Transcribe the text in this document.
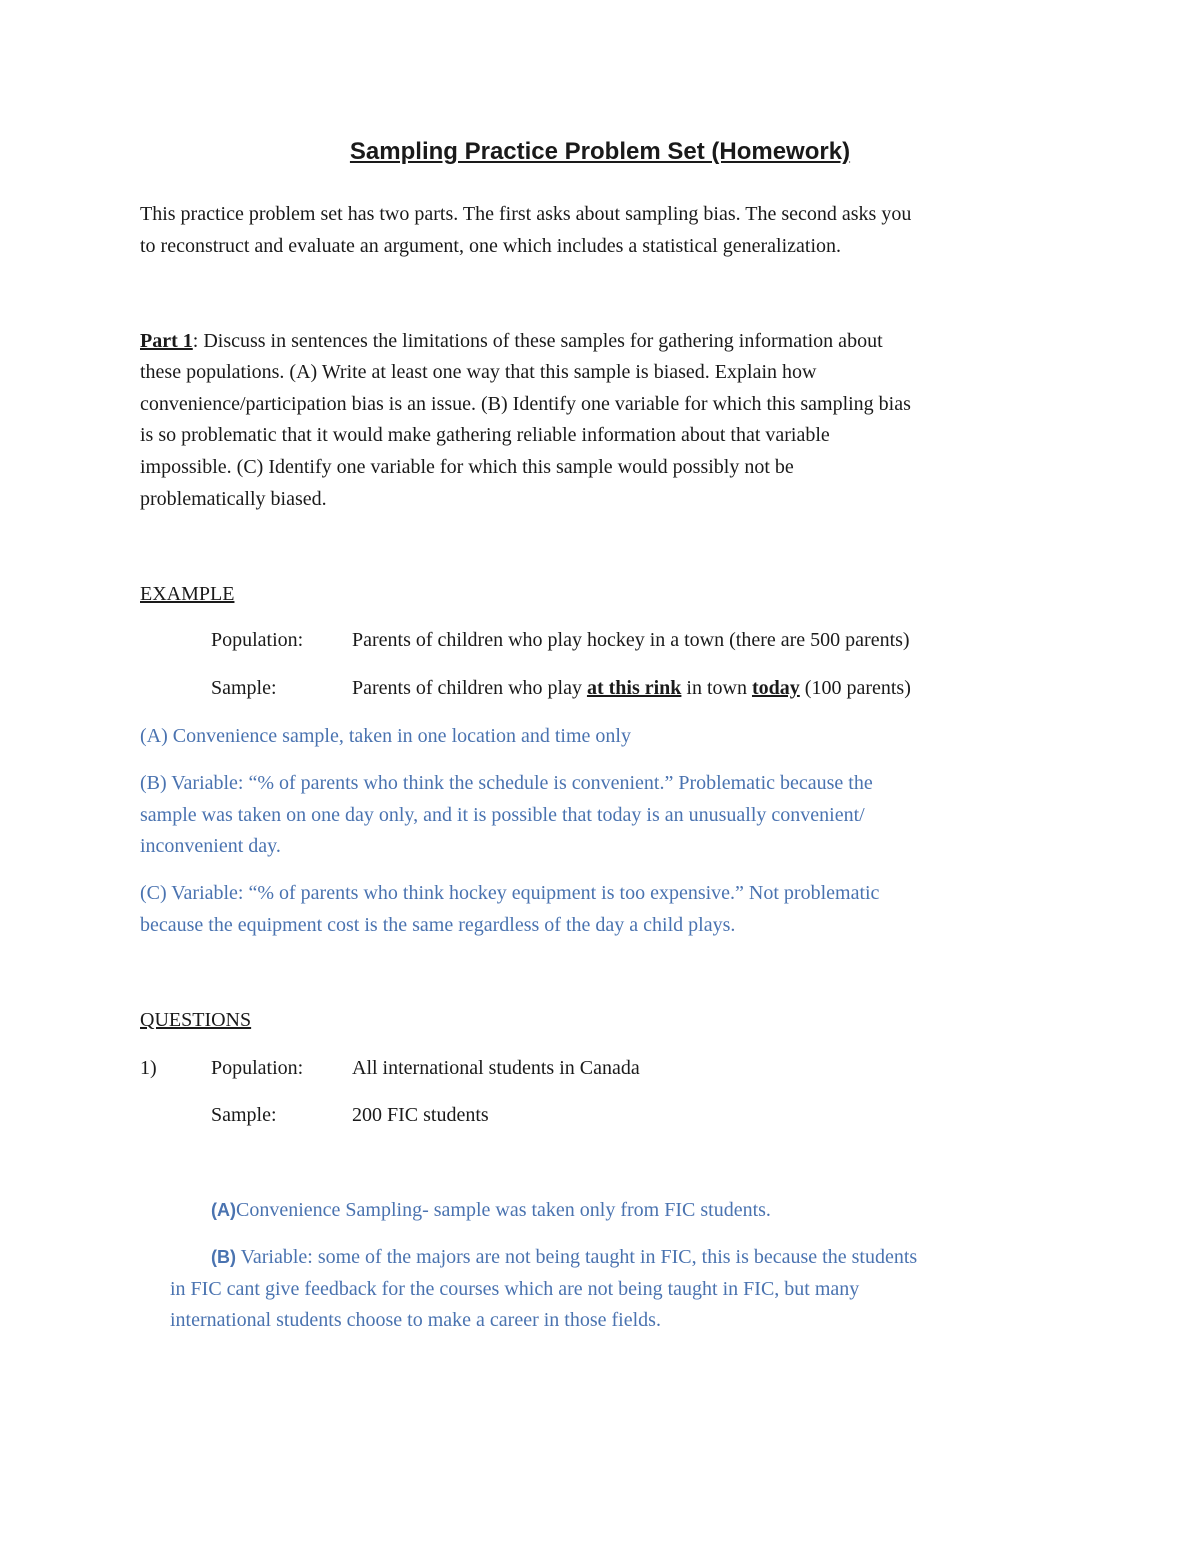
Sampling Practice Problem Set (Homework)
This practice problem set has two parts. The first asks about sampling bias. The second asks you
to reconstruct and evaluate an argument, one which includes a statistical generalization.
Part 1: Discuss in sentences the limitations of these samples for gathering information about
these populations. (A) Write at least one way that this sample is biased. Explain how
convenience/participation bias is an issue. (B) Identify one variable for which this sampling bias
is so problematic that it would make gathering reliable information about that variable
impossible. (C) Identify one variable for which this sample would possibly not be
problematically biased.
EXAMPLE
Population: Parents of children who play hockey in a town (there are 500 parents)
Sample:	Parents of children who play at this rink in town today (100 parents)
(A) Convenience sample, taken in one location and time only
(B) Variable: “% of parents who think the schedule is convenient.” Problematic because the
sample was taken on one day only, and it is possible that today is an unusually convenient/
inconvenient day.
(C) Variable: “% of parents who think hockey equipment is too expensive.” Not problematic
because the equipment cost is the same regardless of the day a child plays.
QUESTIONS
1)	Population: All international students in Canada
Sample:	200 FIC students
(A)Convenience Sampling- sample was taken only from FIC students.
(B) Variable: some of the majors are not being taught in FIC, this is because the students
in FIC cant give feedback for the courses which are not being taught in FIC, but many
international students choose to make a career in those fields.
